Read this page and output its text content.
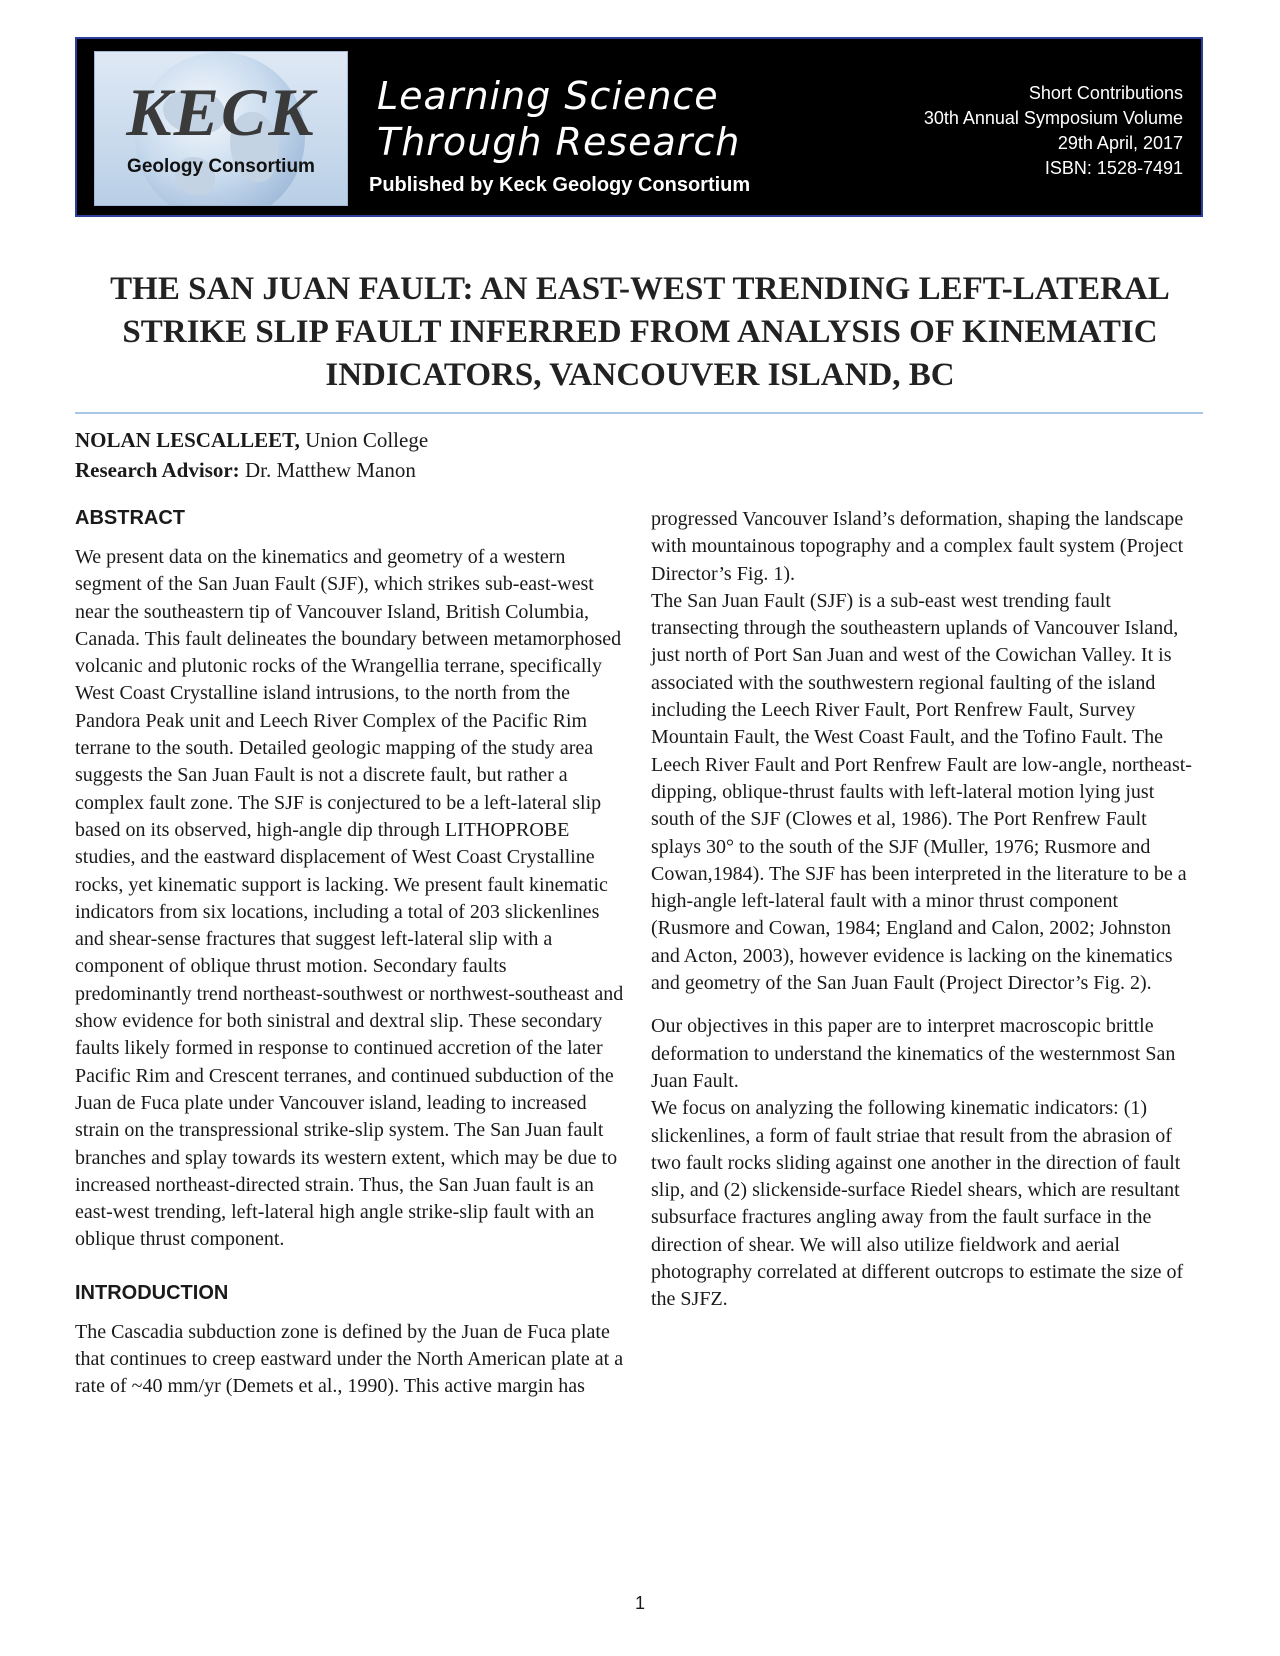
KECK
Geology Consortium
Learning Science
Through Research
Published by Keck Geology Consortium
Short Contributions
30th Annual Symposium Volume
29th April, 2017
ISBN: 1528-7491
THE SAN JUAN FAULT: AN EAST-WEST TRENDING LEFT-LATERAL STRIKE SLIP FAULT INFERRED FROM ANALYSIS OF KINEMATIC INDICATORS, VANCOUVER ISLAND, BC
NOLAN LESCALLEET, Union College
Research Advisor: Dr. Matthew Manon
ABSTRACT

We present data on the kinematics and geometry of a western segment of the San Juan Fault (SJF), which strikes sub-east-west near the southeastern tip of Vancouver Island, British Columbia, Canada. This fault delineates the boundary between metamorphosed volcanic and plutonic rocks of the Wrangellia terrane, specifically West Coast Crystalline island intrusions, to the north from the Pandora Peak unit and Leech River Complex of the Pacific Rim terrane to the south. Detailed geologic mapping of the study area suggests the San Juan Fault is not a discrete fault, but rather a complex fault zone. The SJF is conjectured to be a left-lateral slip based on its observed, high-angle dip through LITHOPROBE studies, and the eastward displacement of West Coast Crystalline rocks, yet kinematic support is lacking. We present fault kinematic indicators from six locations, including a total of 203 slickenlines and shear-sense fractures that suggest left-lateral slip with a component of oblique thrust motion. Secondary faults predominantly trend northeast-southwest or northwest-southeast and show evidence for both sinistral and dextral slip. These secondary faults likely formed in response to continued accretion of the later Pacific Rim and Crescent terranes, and continued subduction of the Juan de Fuca plate under Vancouver island, leading to increased strain on the transpressional strike-slip system. The San Juan fault branches and splay towards its western extent, which may be due to increased northeast-directed strain. Thus, the San Juan fault is an east-west trending, left-lateral high angle strike-slip fault with an oblique thrust component.

INTRODUCTION

The Cascadia subduction zone is defined by the Juan de Fuca plate that continues to creep eastward under the North American plate at a rate of ~40 mm/yr (Demets et al., 1990). This active margin has

progressed Vancouver Island’s deformation, shaping the landscape with mountainous topography and a complex fault system (Project Director’s Fig. 1).

The San Juan Fault (SJF) is a sub-east west trending fault transecting through the southeastern uplands of Vancouver Island, just north of Port San Juan and west of the Cowichan Valley. It is associated with the southwestern regional faulting of the island including the Leech River Fault, Port Renfrew Fault, Survey Mountain Fault, the West Coast Fault, and the Tofino Fault. The Leech River Fault and Port Renfrew Fault are low-angle, northeast-dipping, oblique-thrust faults with left-lateral motion lying just south of the SJF (Clowes et al, 1986). The Port Renfrew Fault splays 30° to the south of the SJF (Muller, 1976; Rusmore and Cowan,1984). The SJF has been interpreted in the literature to be a high-angle left-lateral fault with a minor thrust component (Rusmore and Cowan, 1984; England and Calon, 2002; Johnston and Acton, 2003), however evidence is lacking on the kinematics and geometry of the San Juan Fault (Project Director’s Fig. 2).

Our objectives in this paper are to interpret macroscopic brittle deformation to understand the kinematics of the westernmost San Juan Fault.

We focus on analyzing the following kinematic indicators: (1) slickenlines, a form of fault striae that result from the abrasion of two fault rocks sliding against one another in the direction of fault slip, and (2) slickenside-surface Riedel shears, which are resultant subsurface fractures angling away from the fault surface in the direction of shear. We will also utilize fieldwork and aerial photography correlated at different outcrops to estimate the size of the SJFZ.

1
